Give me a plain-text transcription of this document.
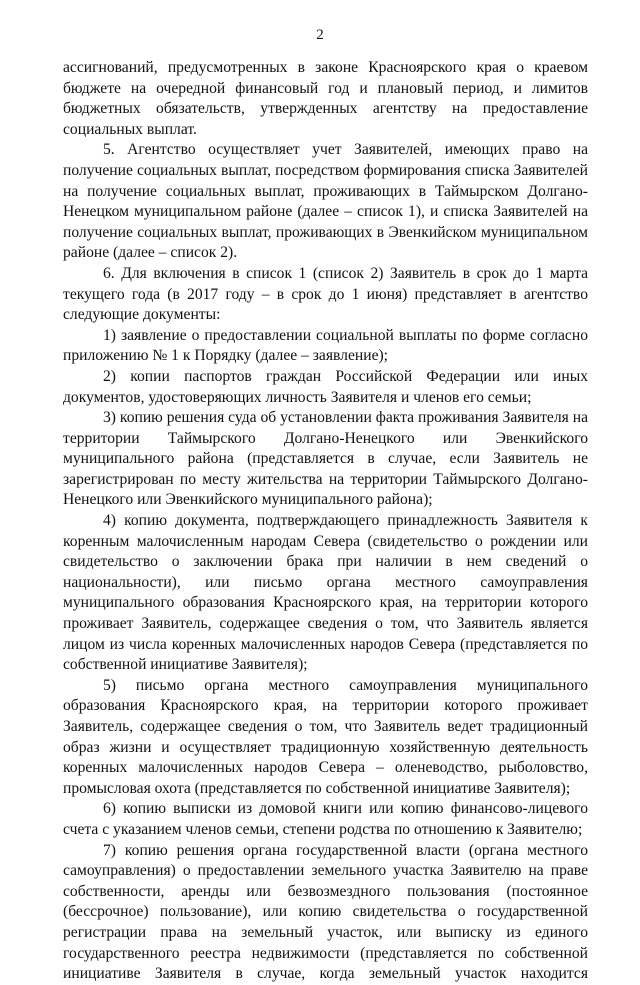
2

ассигнований, предусмотренных в законе Красноярского края о краевом бюджете на очередной финансовый год и плановый период, и лимитов бюджетных обязательств, утвержденных агентству на предоставление социальных выплат.

5. Агентство осуществляет учет Заявителей, имеющих право на получение социальных выплат, посредством формирования списка Заявителей на получение социальных выплат, проживающих в Таймырском Долгано-Ненецком муниципальном районе (далее – список 1), и списка Заявителей на получение социальных выплат, проживающих в Эвенкийском муниципальном районе (далее – список 2).

6. Для включения в список 1 (список 2) Заявитель в срок до 1 марта текущего года (в 2017 году – в срок до 1 июня) представляет в агентство следующие документы:

1) заявление о предоставлении социальной выплаты по форме согласно приложению № 1 к Порядку (далее – заявление);

2) копии паспортов граждан Российской Федерации или иных документов, удостоверяющих личность Заявителя и членов его семьи;

3) копию решения суда об установлении факта проживания Заявителя на территории Таймырского Долгано-Ненецкого или Эвенкийского муниципального района (представляется в случае, если Заявитель не зарегистрирован по месту жительства на территории Таймырского Долгано-Ненецкого или Эвенкийского муниципального района);

4) копию документа, подтверждающего принадлежность Заявителя к коренным малочисленным народам Севера (свидетельство о рождении или свидетельство о заключении брака при наличии в нем сведений о национальности), или письмо органа местного самоуправления муниципального образования Красноярского края, на территории которого проживает Заявитель, содержащее сведения о том, что Заявитель является лицом из числа коренных малочисленных народов Севера (представляется по собственной инициативе Заявителя);

5) письмо органа местного самоуправления муниципального образования Красноярского края, на территории которого проживает Заявитель, содержащее сведения о том, что Заявитель ведет традиционный образ жизни и осуществляет традиционную хозяйственную деятельность коренных малочисленных народов Севера – оленеводство, рыболовство, промысловая охота (представляется по собственной инициативе Заявителя);

6) копию выписки из домовой книги или копию финансово-лицевого счета с указанием членов семьи, степени родства по отношению к Заявителю;

7) копию решения органа государственной власти (органа местного самоуправления) о предоставлении земельного участка Заявителю на праве собственности, аренды или безвозмездного пользования (постоянное (бессрочное) пользование), или копию свидетельства о государственной регистрации права на земельный участок, или выписку из единого государственного реестра недвижимости (представляется по собственной инициативе Заявителя в случае, когда земельный участок находится
